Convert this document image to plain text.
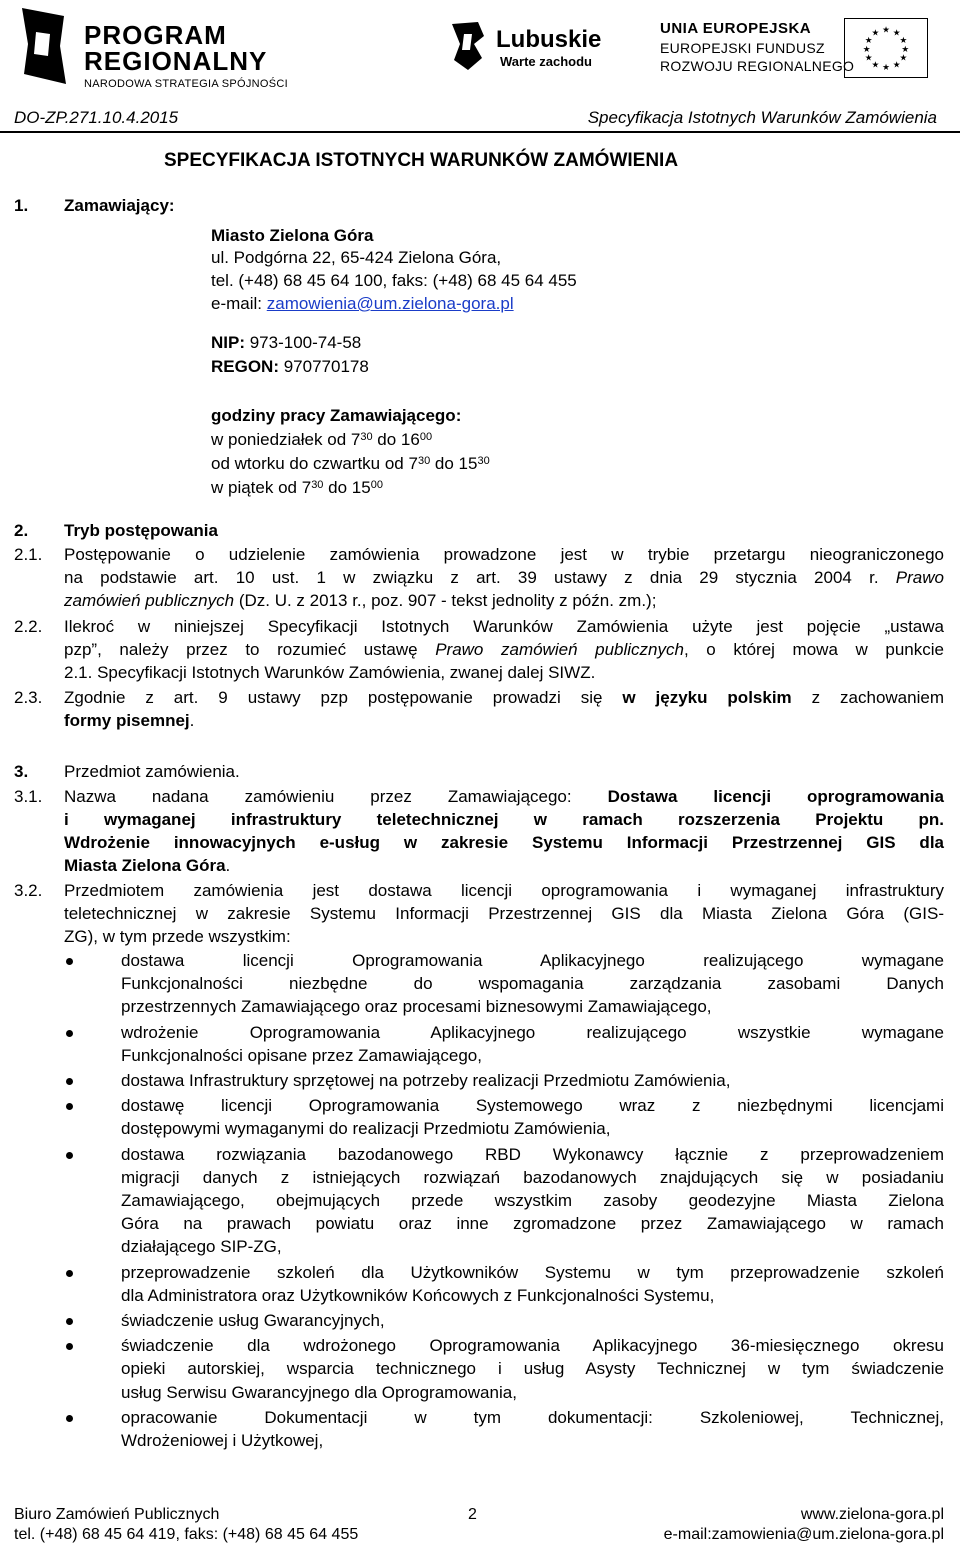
PROGRAM
REGIONALNY
NARODOWA STRATEGIA SPÓJNOŚCI
Lubuskie
Warte zachodu
UNIA EUROPEJSKA
EUROPEJSKI FUNDUSZ
ROZWOJU REGIONALNEGO
★ ★
★
★
★
★
★
★
★
★
★
★
DO-ZP.271.10.4.2015	Specyfikacja Istotnych Warunków Zamówienia
SPECYFIKACJA ISTOTNYCH WARUNKÓW ZAMÓWIENIA
1. Zamawiający:
Miasto Zielona Góra
ul. Podgórna 22, 65-424 Zielona Góra,
tel. (+48) 68 45 64 100, faks: (+48) 68 45 64 455
e-mail: zamowienia@um.zielona-gora.pl
NIP: 973-100-74-58
REGON: 970770178
godziny pracy Zamawiającego:
w poniedziałek od $7^{30}$ do $16^{00}$
od wtorku do czwartku od $7^{30}$ do $15^{30}$
w piątek od $7^{30}$ do $15^{00}$
2. Tryb postępowania
2.1. Postępowanie o udzielenie zamówienia prowadzone jest w trybie przetargu nieograniczonego
na podstawie art. 10 ust. 1 w związku z art. 39 ustawy z dnia 29 stycznia 2004 r. Prawo
zamówień publicznych (Dz. U. z 2013 r., poz. 907 - tekst jednolity z późn. zm.);
2.2. Ilekroć w niniejszej Specyfikacji Istotnych Warunków Zamówienia użyte jest pojęcie „ustawa
pzp”, należy przez to rozumieć ustawę Prawo zamówień publicznych, o której mowa w punkcie
2.1. Specyfikacji Istotnych Warunków Zamówienia, zwanej dalej SIWZ.
2.3. Zgodnie z art. 9 ustawy pzp postępowanie prowadzi się w języku polskim z zachowaniem
formy pisemnej.
3. Przedmiot zamówienia.
3.1. Nazwa nadana zamówieniu przez Zamawiającego: Dostawa licencji oprogramowania
i wymaganej infrastruktury teletechnicznej w ramach rozszerzenia Projektu pn.
Wdrożenie innowacyjnych e-usług w zakresie Systemu Informacji Przestrzennej GIS dla
Miasta Zielona Góra.
3.2. Przedmiotem zamówienia jest dostawa licencji oprogramowania i wymaganej infrastruktury
teletechnicznej w zakresie Systemu Informacji Przestrzennej GIS dla Miasta Zielona Góra (GIS-
ZG), w tym przede wszystkim:
dostawa licencji Oprogramowania Aplikacyjnego realizującego wymagane
Funkcjonalności niezbędne do wspomagania zarządzania zasobami Danych
przestrzennych Zamawiającego oraz procesami biznesowymi Zamawiającego,
wdrożenie Oprogramowania Aplikacyjnego realizującego wszystkie wymagane
Funkcjonalności opisane przez Zamawiającego,
dostawa Infrastruktury sprzętowej na potrzeby realizacji Przedmiotu Zamówienia,
dostawę licencji Oprogramowania Systemowego wraz z niezbędnymi licencjami
dostępowymi wymaganymi do realizacji Przedmiotu Zamówienia,
dostawa rozwiązania bazodanowego RBD Wykonawcy łącznie z przeprowadzeniem
migracji danych z istniejących rozwiązań bazodanowych znajdujących się w posiadaniu
Zamawiającego, obejmujących przede wszystkim zasoby geodezyjne Miasta Zielona
Góra na prawach powiatu oraz inne zgromadzone przez Zamawiającego w ramach
działającego SIP-ZG,
przeprowadzenie szkoleń dla Użytkowników Systemu w tym przeprowadzenie szkoleń
dla Administratora oraz Użytkowników Końcowych z Funkcjonalności Systemu,
świadczenie usług Gwarancyjnych,
świadczenie dla wdrożonego Oprogramowania Aplikacyjnego 36-miesięcznego okresu
opieki autorskiej, wsparcia technicznego i usług Asysty Technicznej w tym świadczenie
usług Serwisu Gwarancyjnego dla Oprogramowania,
opracowanie Dokumentacji w tym dokumentacji: Szkoleniowej, Technicznej,
Wdrożeniowej i Użytkowej,
Biuro Zamówień Publicznych
tel. (+48) 68 45 64 419, faks: (+48) 68 45 64 455
2	www.zielona-gora.pl
e-mail:zamowienia@um.zielona-gora.pl
